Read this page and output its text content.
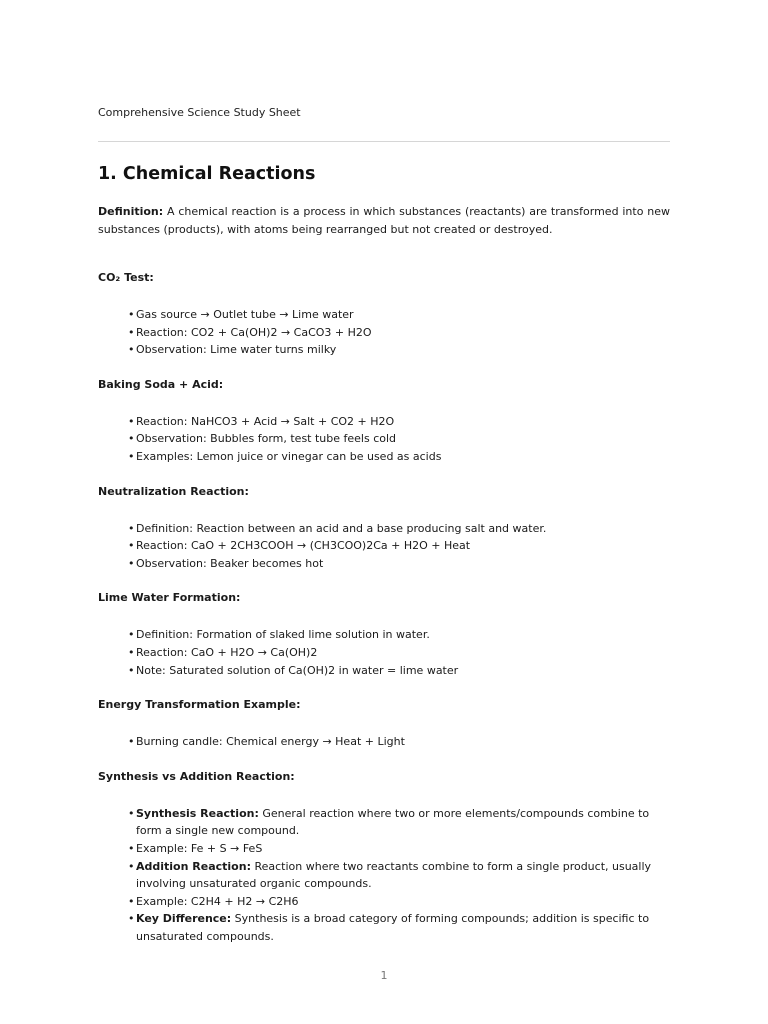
Comprehensive Science Study Sheet

1. Chemical Reactions

Definition: A chemical reaction is a process in which substances (reactants) are transformed into new substances (products), with atoms being rearranged but not created or destroyed.

CO₂ Test:

• Gas source → Outlet tube → Lime water
• Reaction: CO2 + Ca(OH)2 → CaCO3 + H2O
• Observation: Lime water turns milky

Baking Soda + Acid:

• Reaction: NaHCO3 + Acid → Salt + CO2 + H2O
• Observation: Bubbles form, test tube feels cold
• Examples: Lemon juice or vinegar can be used as acids

Neutralization Reaction:

• Definition: Reaction between an acid and a base producing salt and water.
• Reaction: CaO + 2CH3COOH → (CH3COO)2Ca + H2O + Heat
• Observation: Beaker becomes hot

Lime Water Formation:

• Definition: Formation of slaked lime solution in water.
• Reaction: CaO + H2O → Ca(OH)2
• Note: Saturated solution of Ca(OH)2 in water = lime water

Energy Transformation Example:

• Burning candle: Chemical energy → Heat + Light

Synthesis vs Addition Reaction:

• Synthesis Reaction: General reaction where two or more elements/compounds combine to form a single new compound.
• Example: Fe + S → FeS
• Addition Reaction: Reaction where two reactants combine to form a single product, usually involving unsaturated organic compounds.
• Example: C2H4 + H2 → C2H6
• Key Difference: Synthesis is a broad category of forming compounds; addition is specific to unsaturated compounds.
1
